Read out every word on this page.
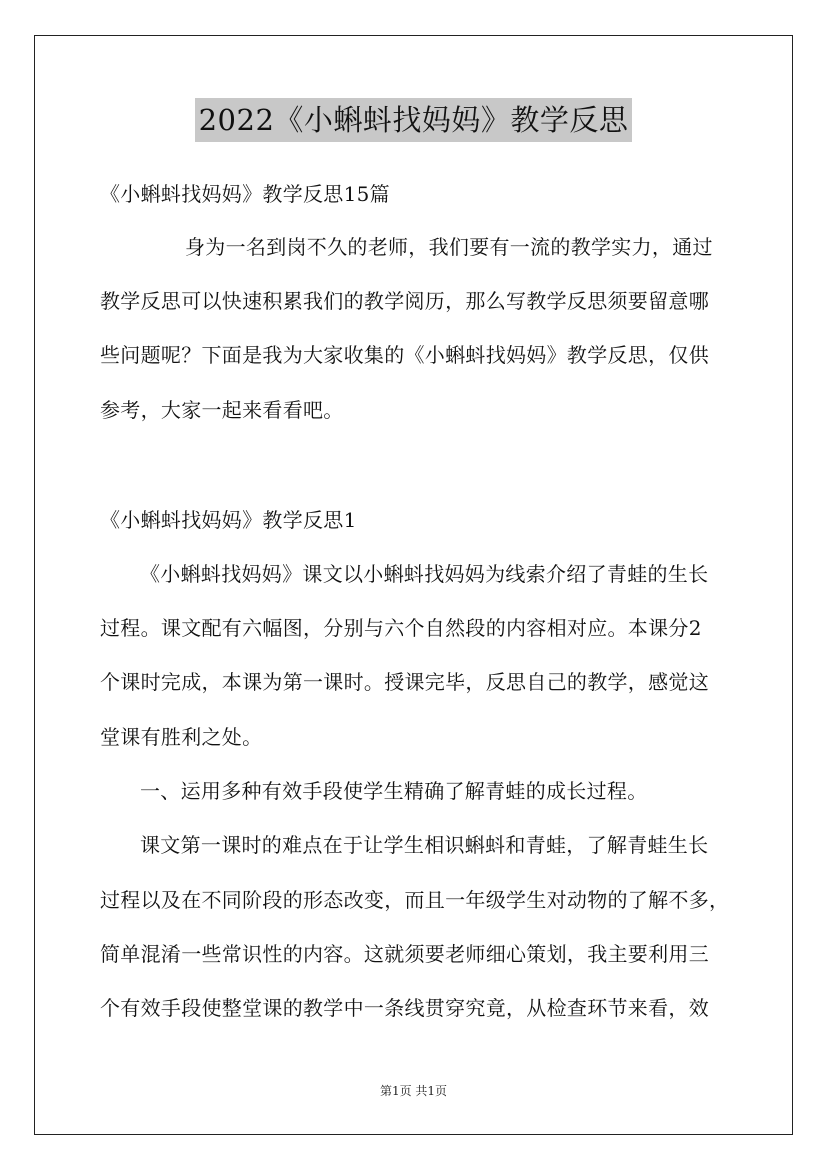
2022《小蝌蚪找妈妈》教学反思
《小蝌蚪找妈妈》教学反思15篇
身为一名到岗不久的老师，我们要有一流的教学实力，通过
教学反思可以快速积累我们的教学阅历，那么写教学反思须要留意哪
些问题呢？下面是我为大家收集的《小蝌蚪找妈妈》教学反思，仅供
参考，大家一起来看看吧。
《小蝌蚪找妈妈》教学反思1
《小蝌蚪找妈妈》课文以小蝌蚪找妈妈为线索介绍了青蛙的生长
过程。课文配有六幅图，分别与六个自然段的内容相对应。本课分2
个课时完成，本课为第一课时。授课完毕，反思自己的教学，感觉这
堂课有胜利之处。
一、运用多种有效手段使学生精确了解青蛙的成长过程。
课文第一课时的难点在于让学生相识蝌蚪和青蛙，了解青蛙生长
过程以及在不同阶段的形态改变，而且一年级学生对动物的了解不多，
简单混淆一些常识性的内容。这就须要老师细心策划，我主要利用三
个有效手段使整堂课的教学中一条线贯穿究竟，从检查环节来看，效
第1页 共1页
